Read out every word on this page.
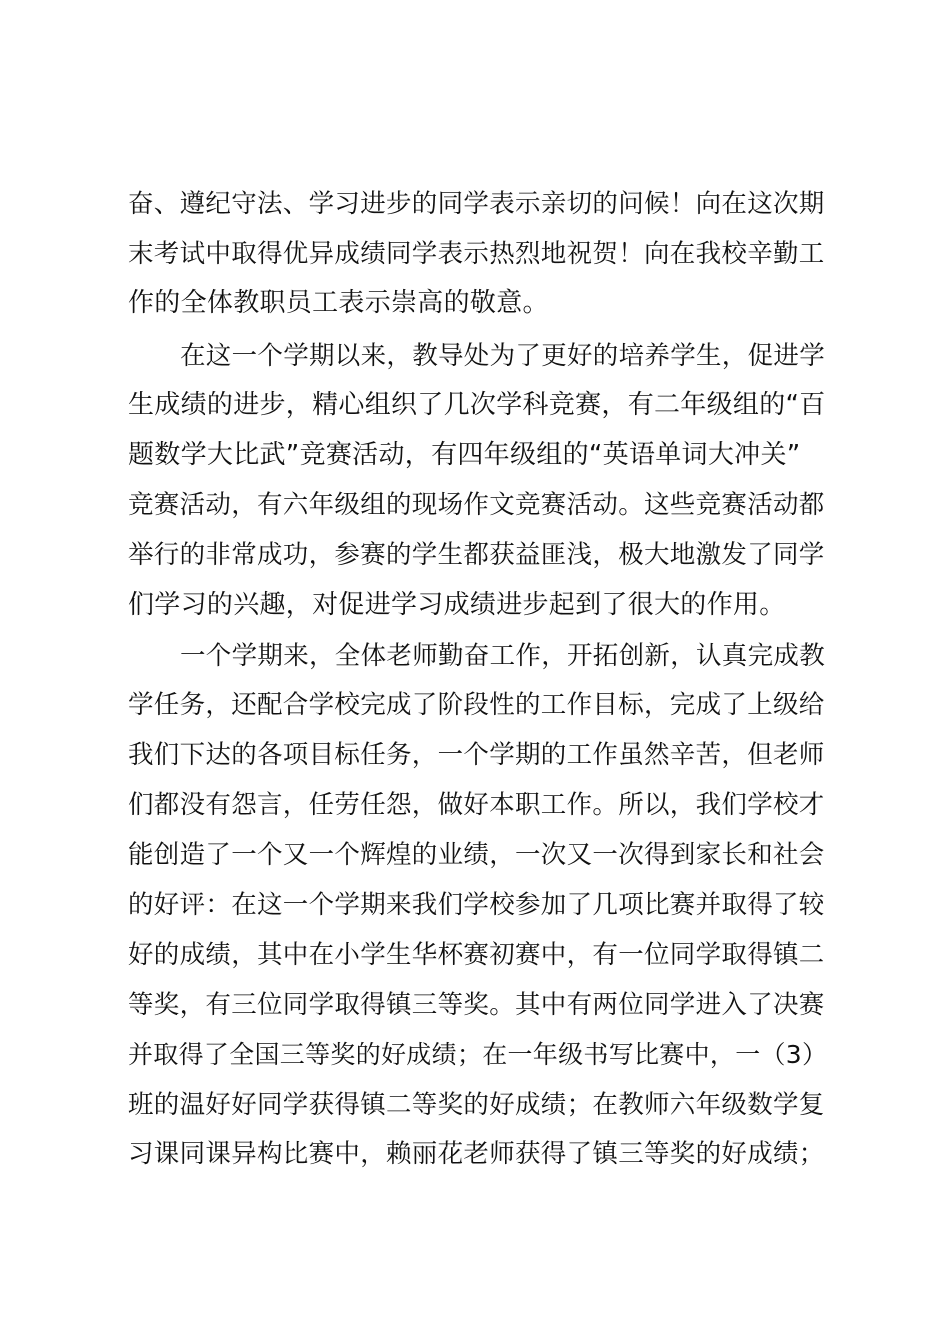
奋、遵纪守法、学习进步的同学表示亲切的问候！向在这次期
末考试中取得优异成绩同学表示热烈地祝贺！向在我校辛勤工
作的全体教职员工表示崇高的敬意。
在这一个学期以来，教导处为了更好的培养学生，促进学
生成绩的进步，精心组织了几次学科竞赛，有二年级组的“百
题数学大比武”竞赛活动，有四年级组的“英语单词大冲关”
竞赛活动，有六年级组的现场作文竞赛活动。这些竞赛活动都
举行的非常成功，参赛的学生都获益匪浅，极大地激发了同学
们学习的兴趣，对促进学习成绩进步起到了很大的作用。
一个学期来，全体老师勤奋工作，开拓创新，认真完成教
学任务，还配合学校完成了阶段性的工作目标，完成了上级给
我们下达的各项目标任务，一个学期的工作虽然辛苦，但老师
们都没有怨言，任劳任怨，做好本职工作。所以，我们学校才
能创造了一个又一个辉煌的业绩，一次又一次得到家长和社会
的好评：在这一个学期来我们学校参加了几项比赛并取得了较
好的成绩，其中在小学生华杯赛初赛中，有一位同学取得镇二
等奖，有三位同学取得镇三等奖。其中有两位同学进入了决赛
并取得了全国三等奖的好成绩；在一年级书写比赛中，一（3）
班的温好好同学获得镇二等奖的好成绩；在教师六年级数学复
习课同课异构比赛中，赖丽花老师获得了镇三等奖的好成绩；
